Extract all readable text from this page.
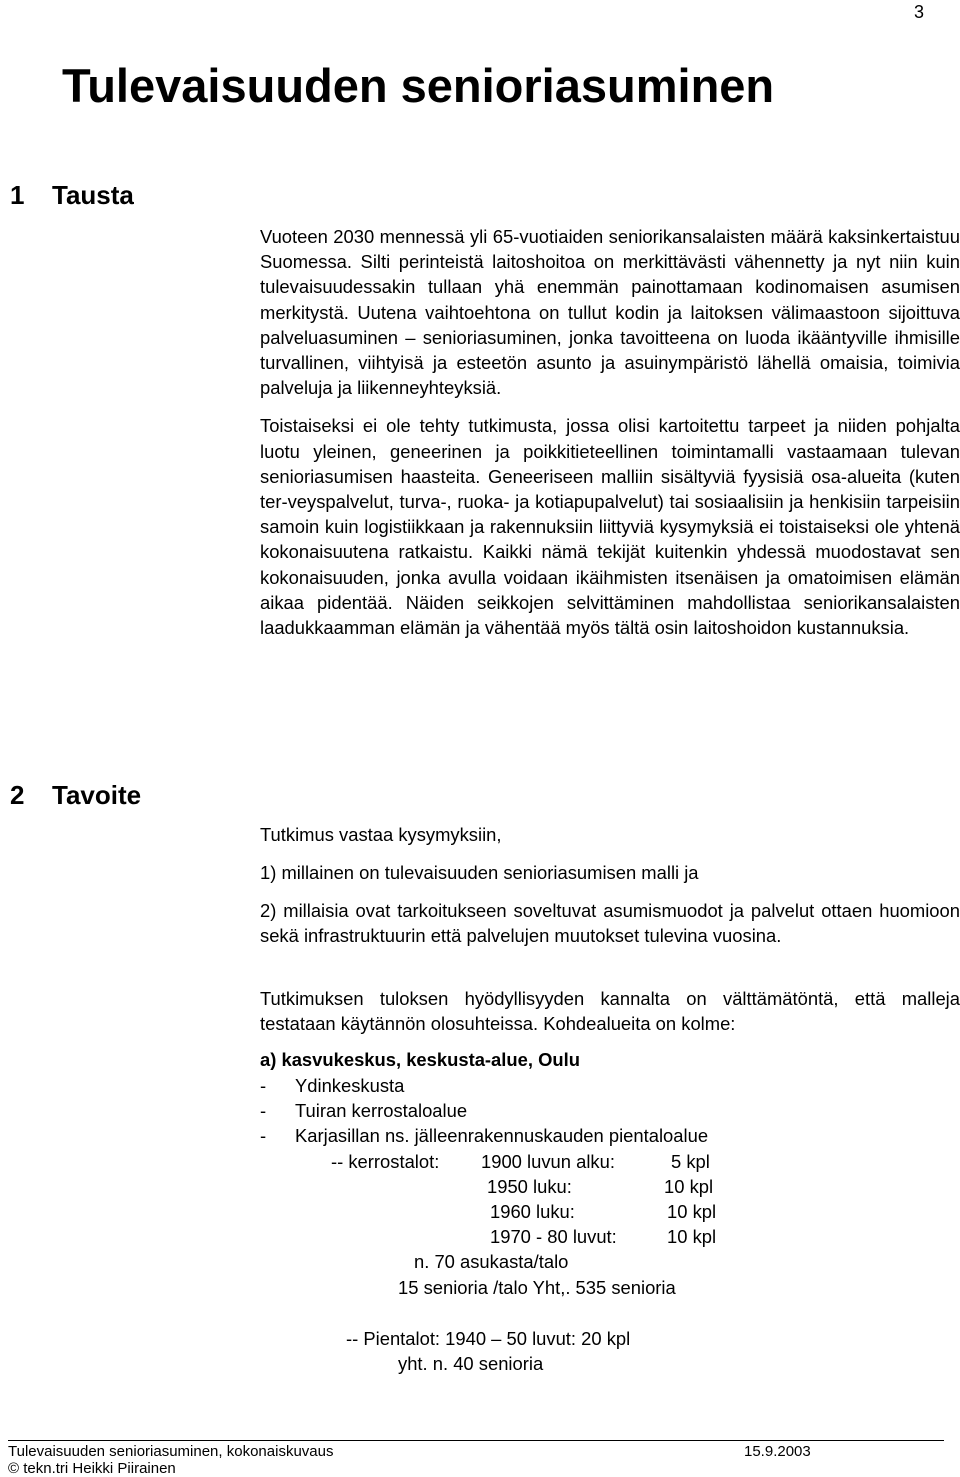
3
Tulevaisuuden senioriasuminen
1 Tausta

Vuoteen 2030 mennessä yli 65-vuotiaiden seniorikansalaisten määrä kaksinkertaistuu Suomessa. Silti perinteistä laitoshoitoa on merkittävästi vähennetty ja nyt niin kuin tulevaisuudessakin tullaan yhä enemmän painottamaan kodinomaisen asumisen merkitystä. Uutena vaihtoehtona on tullut kodin ja laitoksen välimaastoon sijoittuva palveluasuminen – senioriasuminen, jonka tavoitteena on luoda ikääntyville ihmisille turvallinen, viihtyisä ja esteetön asunto ja asuinympäristö lähellä omaisia, toimivia palveluja ja liikenneyhteyksiä.

Toistaiseksi ei ole tehty tutkimusta, jossa olisi kartoitettu tarpeet ja niiden pohjalta luotu yleinen, geneerinen ja poikkitieteellinen toimintamalli vastaamaan tulevan senioriasumisen haasteita. Geneeriseen malliin sisältyviä fyysisiä osa-alueita (kuten ter-veyspalvelut, turva-, ruoka- ja kotiapupalvelut) tai sosiaalisiin ja henkisiin tarpeisiin samoin kuin logistiikkaan ja rakennuksiin liittyviä kysymyksiä ei toistaiseksi ole yhtenä kokonaisuutena ratkaistu. Kaikki nämä tekijät kuitenkin yhdessä muodostavat sen kokonaisuuden, jonka avulla voidaan ikäihmisten itsenäisen ja omatoimisen elämän aikaa pidentää. Näiden seikkojen selvittäminen mahdollistaa seniorikansalaisten laadukkaamman elämän ja vähentää myös tältä osin laitoshoidon kustannuksia.

2 Tavoite
Tutkimus vastaa kysymyksiin,
1) millainen on tulevaisuuden senioriasumisen malli ja
2) millaisia ovat tarkoitukseen soveltuvat asumismuodot ja palvelut ottaen huomioon sekä infrastruktuurin että palvelujen muutokset tulevina vuosina.
Tutkimuksen tuloksen hyödyllisyyden kannalta on välttämätöntä, että malleja testataan käytännön olosuhteissa. Kohdealueita on kolme:
a) kasvukeskus, keskusta-alue, Oulu
- Ydinkeskusta
- Tuiran kerrostaloalue
- Karjasillan ns. jälleenrakennuskauden pientaloalue
-- kerrostalot: 1900 luvun alku:	5 kpl
1950 luku:	10 kpl
1960 luku:	10 kpl
1970 - 80 luvut:	10 kpl
n. 70 asukasta/talo
15 senioria /talo Yht,. 535 senioria
-- Pientalot: 1940 – 50 luvut: 20 kpl
yht. n. 40 senioria
Tulevaisuuden senioriasuminen, kokonaiskuvaus	15.9.2003
© tekn.tri Heikki Piirainen
